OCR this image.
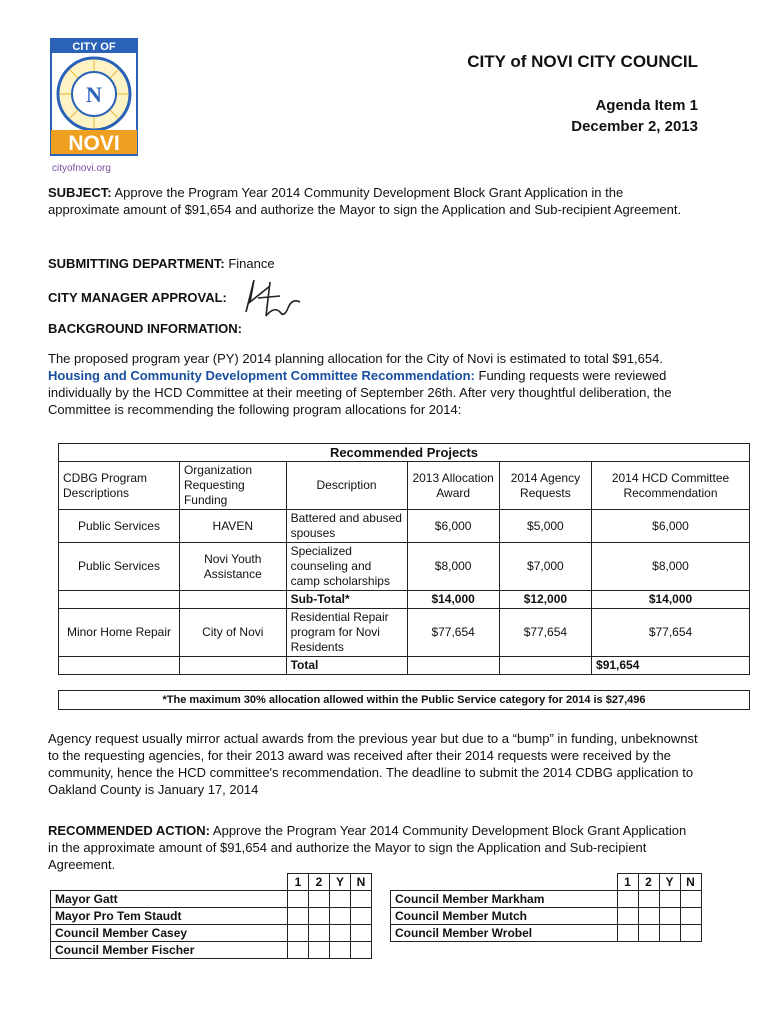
CITY OF
N
NOVI
cityofnovi.org
CITY of NOVI CITY COUNCIL
Agenda Item 1
December 2, 2013
SUBJECT: Approve the Program Year 2014 Community Development Block Grant Application in the approximate amount of $91,654 and authorize the Mayor to sign the Application and Sub-recipient Agreement.
SUBMITTING DEPARTMENT: Finance
CITY MANAGER APPROVAL:
BACKGROUND INFORMATION:
The proposed program year (PY) 2014 planning allocation for the City of Novi is estimated to total $91,654. Housing and Community Development Committee Recommendation: Funding requests were reviewed individually by the HCD Committee at their meeting of September 26th. After very thoughtful deliberation, the Committee is recommending the following program allocations for 2014:
Recommended Projects					
CDBG Program Descriptions	Organization Requesting Funding	Description	2013 Allocation Award	2014 Agency Requests	2014 HCD Committee Recommendation
Public Services	HAVEN	Battered and abused spouses	$6,000	$5,000	$6,000
Public Services	Novi Youth Assistance	Specialized counseling and camp scholarships	$8,000	$7,000	$8,000
		Sub-Total*	$14,000	$12,000	$14,000
Minor Home Repair	City of Novi	Residential Repair program for Novi Residents	$77,654	$77,654	$77,654
		Total			$91,654
*The maximum 30% allocation allowed within the Public Service category for 2014 is $27,496
Agency request usually mirror actual awards from the previous year but due to a “bump” in funding, unbeknownst to the requesting agencies, for their 2013 award was received after their 2014 requests were received by the community, hence the HCD committee's recommendation. The deadline to submit the 2014 CDBG application to Oakland County is January 17, 2014
RECOMMENDED ACTION: Approve the Program Year 2014 Community Development Block Grant Application in the approximate amount of $91,654 and authorize the Mayor to sign the Application and Sub-recipient Agreement.
	1	2	Y	N
Mayor Gatt				
Mayor Pro Tem Staudt				
Council Member Casey				
Council Member Fischer				
	1	2	Y	N
Council Member Markham				
Council Member Mutch				
Council Member Wrobel				
